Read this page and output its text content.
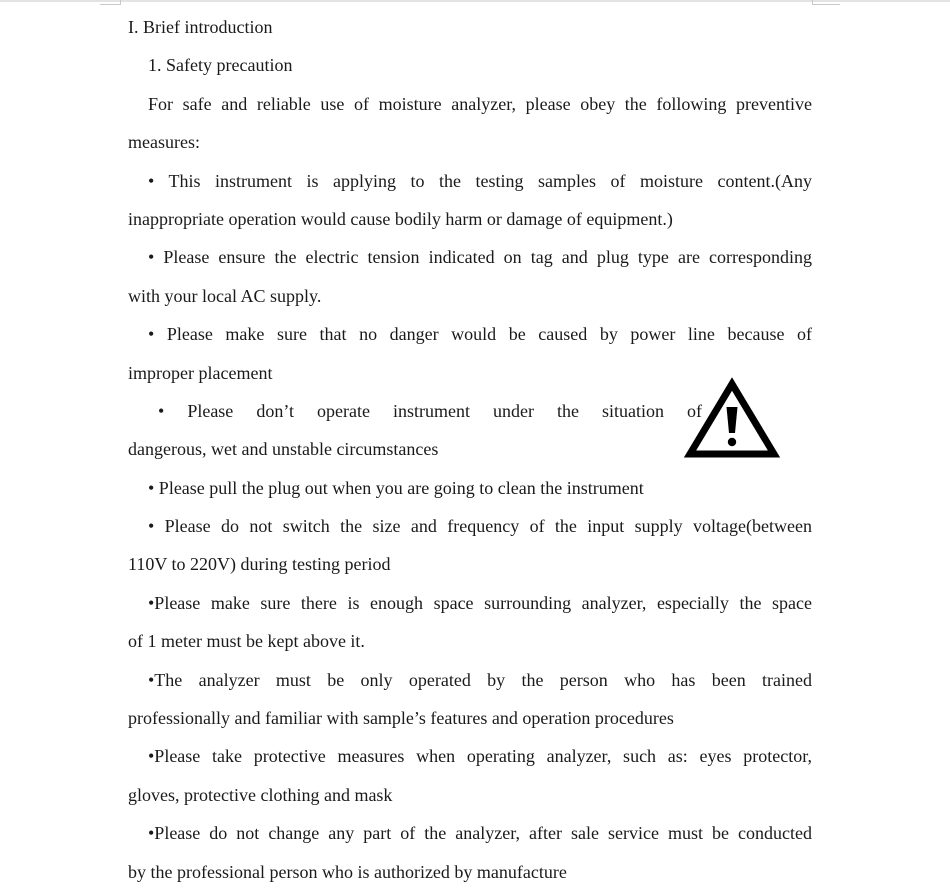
I. Brief introduction
1. Safety precaution
For safe and reliable use of moisture analyzer, please obey the following preventive
measures:
• This instrument is applying to the testing samples of moisture content.(Any
inappropriate operation would cause bodily harm or damage of equipment.)
• Please ensure the electric tension indicated on tag and plug type are corresponding
with your local AC supply.
• Please make sure that no danger would be caused by power line because of
improper placement
• Please don’t operate instrument under the situation of
dangerous, wet and unstable circumstances
• Please pull the plug out when you are going to clean the instrument
• Please do not switch the size and frequency of the input supply voltage(between
110V to 220V) during testing period
•Please make sure there is enough space surrounding analyzer, especially the space
of 1 meter must be kept above it.
•The analyzer must be only operated by the person who has been trained
professionally and familiar with sample’s features and operation procedures
•Please take protective measures when operating analyzer, such as: eyes protector,
gloves, protective clothing and mask
•Please do not change any part of the analyzer, after sale service must be conducted
by the professional person who is authorized by manufacture
